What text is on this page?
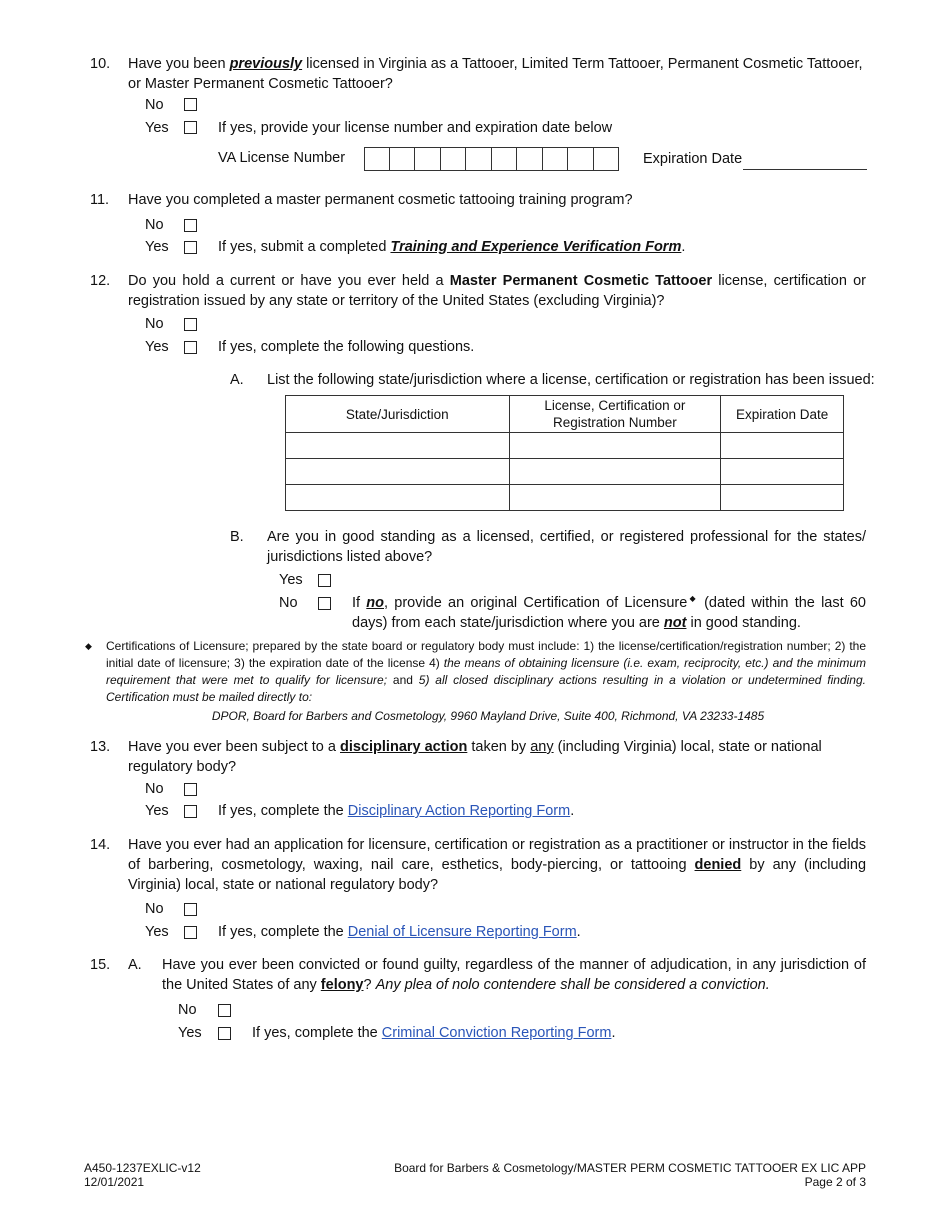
10. Have you been previously licensed in Virginia as a Tattooer, Limited Term Tattooer, Permanent Cosmetic Tattooer, or Master Permanent Cosmetic Tattooer?
No
Yes	If yes, provide your license number and expiration date below
VA License Number	Expiration Date
11. Have you completed a master permanent cosmetic tattooing training program?
No
Yes	If yes, submit a completed Training and Experience Verification Form.
12. Do you hold a current or have you ever held a Master Permanent Cosmetic Tattooer license, certification or registration issued by any state or territory of the United States (excluding Virginia)?
No
Yes	If yes, complete the following questions.
A. List the following state/jurisdiction where a license, certification or registration has been issued:
State/Jurisdiction	License, Certification or Registration Number	Expiration Date

B. Are you in good standing as a licensed, certified, or registered professional for the states/ jurisdictions listed above?
Yes
No	If no, provide an original Certification of Licensure◆ (dated within the last 60 days) from each state/jurisdiction where you are not in good standing.
◆ Certifications of Licensure; prepared by the state board or regulatory body must include: 1) the license/certification/registration number; 2) the initial date of licensure; 3) the expiration date of the license 4) the means of obtaining licensure (i.e. exam, reciprocity, etc.) and the minimum requirement that were met to qualify for licensure; and 5) all closed disciplinary actions resulting in a violation or undetermined finding. Certification must be mailed directly to:
DPOR, Board for Barbers and Cosmetology, 9960 Mayland Drive, Suite 400, Richmond, VA 23233-1485
13. Have you ever been subject to a disciplinary action taken by any (including Virginia) local, state or national regulatory body?
No
Yes	If yes, complete the Disciplinary Action Reporting Form.
14. Have you ever had an application for licensure, certification or registration as a practitioner or instructor in the fields of barbering, cosmetology, waxing, nail care, esthetics, body-piercing, or tattooing denied by any (including Virginia) local, state or national regulatory body?
No
Yes	If yes, complete the Denial of Licensure Reporting Form.
15. A. Have you ever been convicted or found guilty, regardless of the manner of adjudication, in any jurisdiction of the United States of any felony? Any plea of nolo contendere shall be considered a conviction.
No
Yes	If yes, complete the Criminal Conviction Reporting Form.
A450-1237EXLIC-v12
12/01/2021
Board for Barbers & Cosmetology/MASTER PERM COSMETIC TATTOOER EX LIC APP
Page 2 of 3
